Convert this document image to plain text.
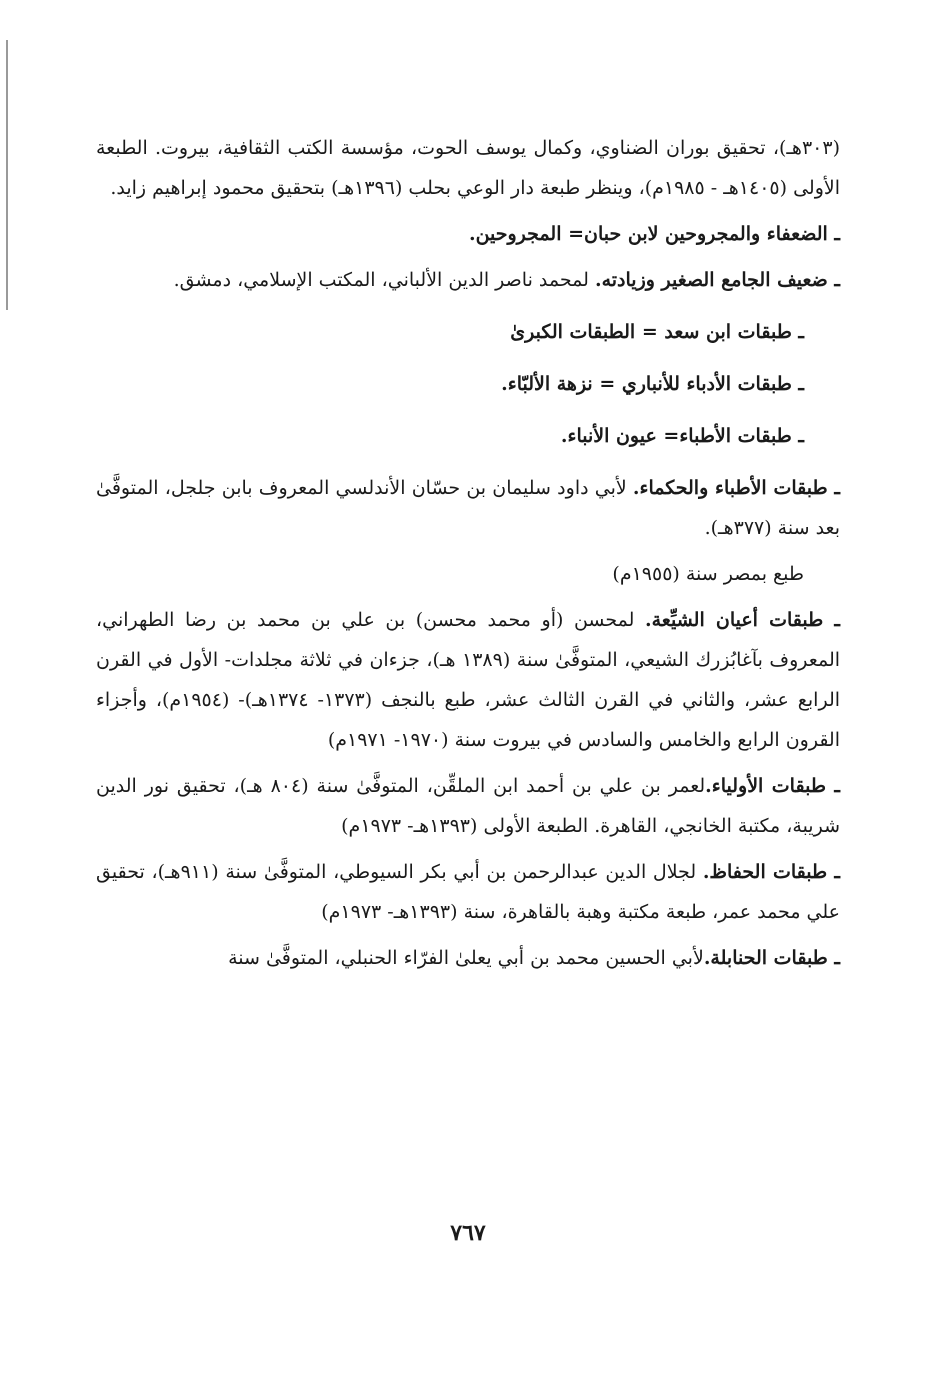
(٣٠٣هـ)، تحقيق بوران الضناوي، وكمال يوسف الحوت، مؤسسة الكتب الثقافية، بيروت. الطبعة الأولى (١٤٠٥هـ - ١٩٨٥م)، وينظر طبعة دار الوعي بحلب (١٣٩٦هـ) بتحقيق محمود إبراهيم زايد.

ـ الضعفاء والمجروحين لابن حبان= المجروحين.

ـ ضعيف الجامع الصغير وزيادته. لمحمد ناصر الدين الألباني، المكتب الإسلامي، دمشق.

ـ طبقات ابن سعد = الطبقات الكبرىٰ

ـ طبقات الأدباء للأنباري = نزهة الألبّاء.

ـ طبقات الأطباء= عيون الأنباء.

ـ طبقات الأطباء والحكماء. لأبي داود سليمان بن حسّان الأندلسي المعروف بابن جلجل، المتوفَّىٰ بعد سنة (٣٧٧هـ).

طبع بمصر سنة (١٩٥٥م)

ـ طبقات أعيان الشيِّعة. لمحسن (أو محمد محسن) بن علي بن محمد بن رضا الطهراني، المعروف بآغابُزرك الشيعي، المتوفَّىٰ سنة (١٣٨٩ هـ)، جزءان في ثلاثة مجلدات- الأول في القرن الرابع عشر، والثاني في القرن الثالث عشر، طبع بالنجف (١٣٧٣- ١٣٧٤هـ)- (١٩٥٤م)، وأجزاء القرون الرابع والخامس والسادس في بيروت سنة (١٩٧٠- ١٩٧١م)

ـ طبقات الأولياء.لعمر بن علي بن أحمد ابن الملقِّن، المتوفَّىٰ سنة (٨٠٤ هـ)، تحقيق نور الدين شريبة، مكتبة الخانجي، القاهرة. الطبعة الأولى (١٣٩٣هـ- ١٩٧٣م)

ـ طبقات الحفاظ. لجلال الدين عبدالرحمن بن أبي بكر السيوطي، المتوفَّىٰ سنة (٩١١هـ)، تحقيق علي محمد عمر، طبعة مكتبة وهبة بالقاهرة، سنة (١٣٩٣هـ- ١٩٧٣م)

ـ طبقات الحنابلة.لأبي الحسين محمد بن أبي يعلىٰ الفرّاء الحنبلي، المتوفَّىٰ سنة

٧٦٧
